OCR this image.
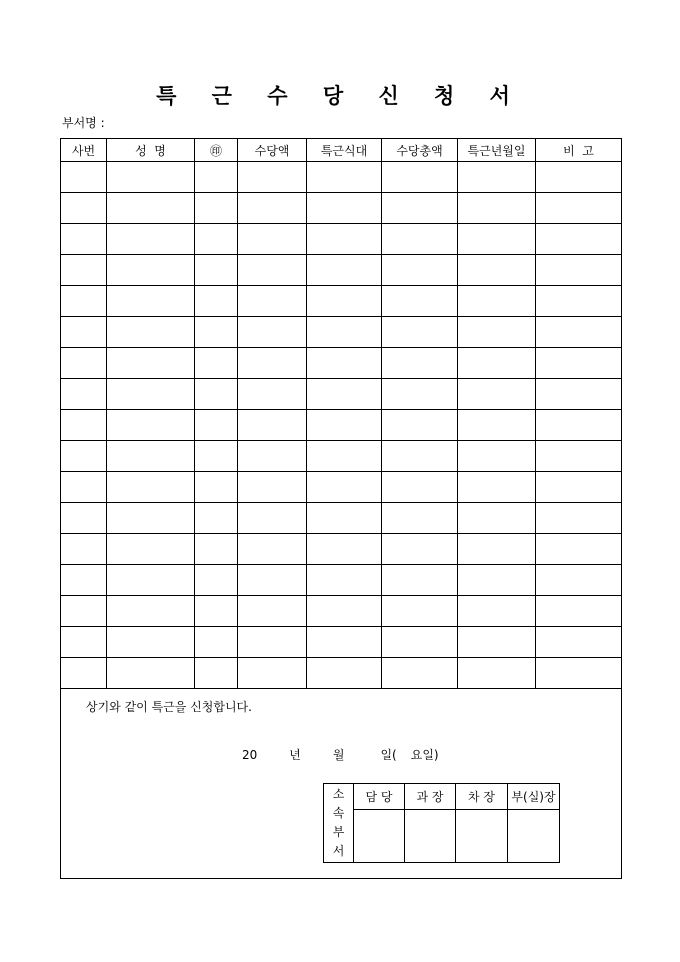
특 근 수 당 신 청 서
부서명 :
사번	성  명	㊞	수당액	특근식대	수당총액	특근년월일	비  고

상기와 같이 특근을 신청합니다.
20	년	월	일( 요일)
소
속
부
서	담 당	과 장	차 장	부(실)장
